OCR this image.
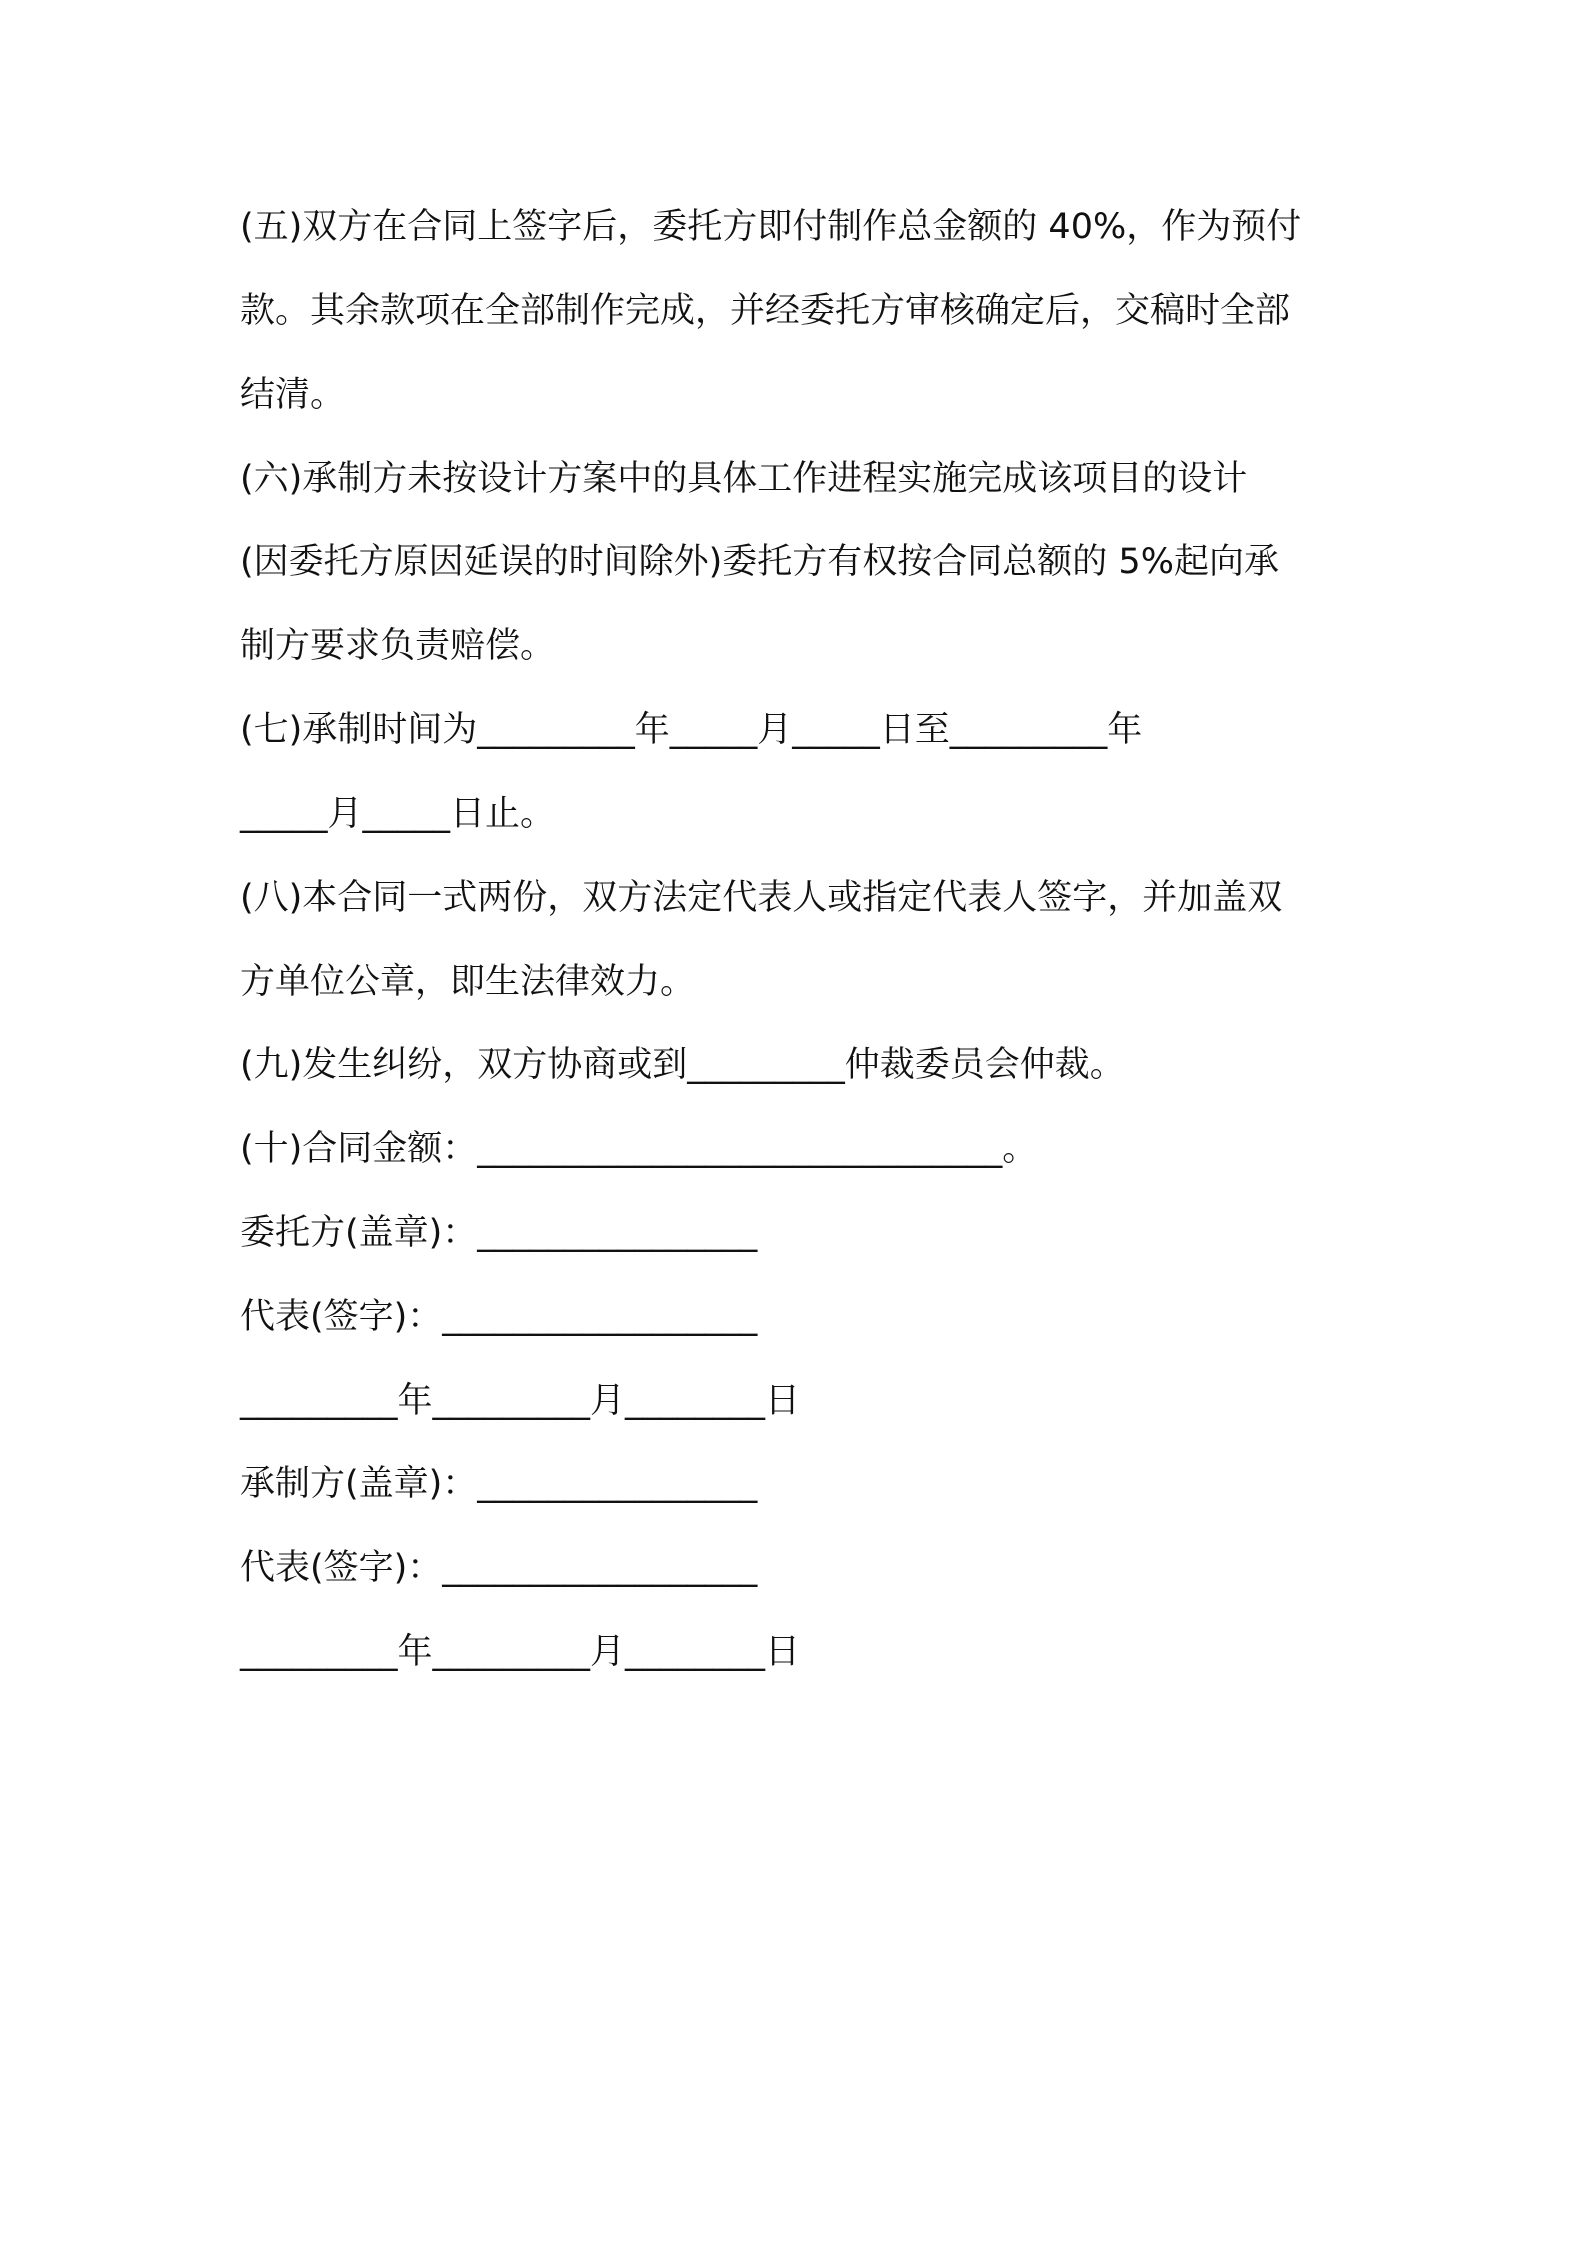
(五)双方在合同上签字后，委托方即付制作总金额的 40%，作为预付
款。其余款项在全部制作完成，并经委托方审核确定后，交稿时全部
结清。
(六)承制方未按设计方案中的具体工作进程实施完成该项目的设计
(因委托方原因延误的时间除外)委托方有权按合同总额的 5%起向承
制方要求负责赔偿。
(七)承制时间为_________年_____月_____日至_________年
_____月_____日止。
(八)本合同一式两份，双方法定代表人或指定代表人签字，并加盖双
方单位公章，即生法律效力。
(九)发生纠纷，双方协商或到_________仲裁委员会仲裁。
(十)合同金额：______________________________。
委托方(盖章)：________________
代表(签字)：__________________
_________年_________月________日
承制方(盖章)：________________
代表(签字)：__________________
_________年_________月________日
